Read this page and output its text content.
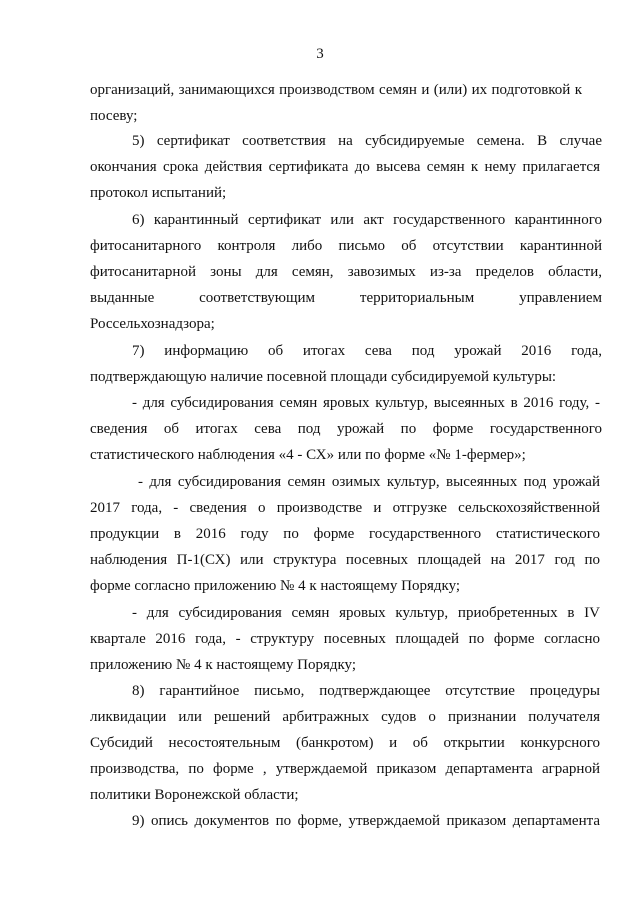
3
организаций, занимающихся производством семян и (или) их подготовкой к
посеву;
5) сертификат соответствия на субсидируемые семена. В случае
окончания срока действия сертификата до высева семян к нему прилагается
протокол испытаний;
6) карантинный сертификат или акт государственного карантинного
фитосанитарного контроля либо письмо об отсутствии карантинной
фитосанитарной зоны для семян, завозимых из-за пределов области,
выданные соответствующим территориальным управлением
Россельхознадзора;
7) информацию об итогах сева под урожай 2016 года,
подтверждающую наличие посевной площади субсидируемой культуры:
- для субсидирования семян яровых культур, высеянных в 2016 году, -
сведения об итогах сева под урожай по форме государственного
статистического наблюдения «4 - СХ» или по форме «№ 1-фермер»;
- для субсидирования семян озимых культур, высеянных под урожай
2017 года, - сведения о производстве и отгрузке сельскохозяйственной
продукции в 2016 году по форме государственного статистического
наблюдения П-1(СХ) или структура посевных площадей на 2017 год по
форме согласно приложению № 4 к настоящему Порядку;
- для субсидирования семян яровых культур, приобретенных в IV
квартале 2016 года, - структуру посевных площадей по форме согласно
приложению № 4 к настоящему Порядку;
8) гарантийное письмо, подтверждающее отсутствие процедуры
ликвидации или решений арбитражных судов о признании получателя
Субсидий несостоятельным (банкротом) и об открытии конкурсного
производства, по форме , утверждаемой приказом департамента аграрной
политики Воронежской области;
9) опись документов по форме, утверждаемой приказом департамента
